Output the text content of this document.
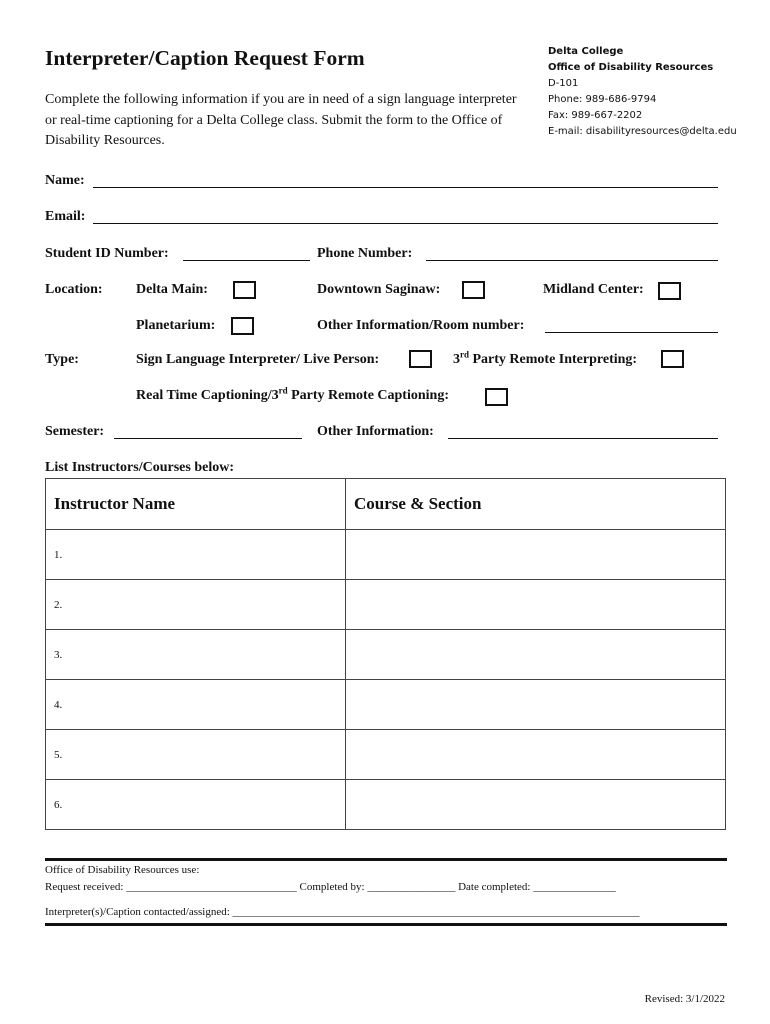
Interpreter/Caption Request Form
Complete the following information if you are in need of a sign language interpreter or real-time captioning for a Delta College class. Submit the form to the Office of Disability Resources.
Delta College
Office of Disability Resources
D-101
Phone: 989-686-9794
Fax: 989-667-2202
E-mail: disabilityresources@delta.edu
Name:
Email:
Student ID Number:	Phone Number:
Location: Delta Main:	Downtown Saginaw:	Midland Center:
Planetarium:	Other Information/Room number:
Type:	Sign Language Interpreter/ Live Person:	3rd Party Remote Interpreting:
Real Time Captioning/3rd Party Remote Captioning:
Semester:	Other Information:
List Instructors/Courses below:
Instructor Name	Course & Section
1.	
2.	
3.	
4.	
5.	
6.	
Office of Disability Resources use:
Request received: _______________________________ Completed by: ________________ Date completed: _______________
Interpreter(s)/Caption contacted/assigned: __________________________________________________________________________
Revised: 3/1/2022
